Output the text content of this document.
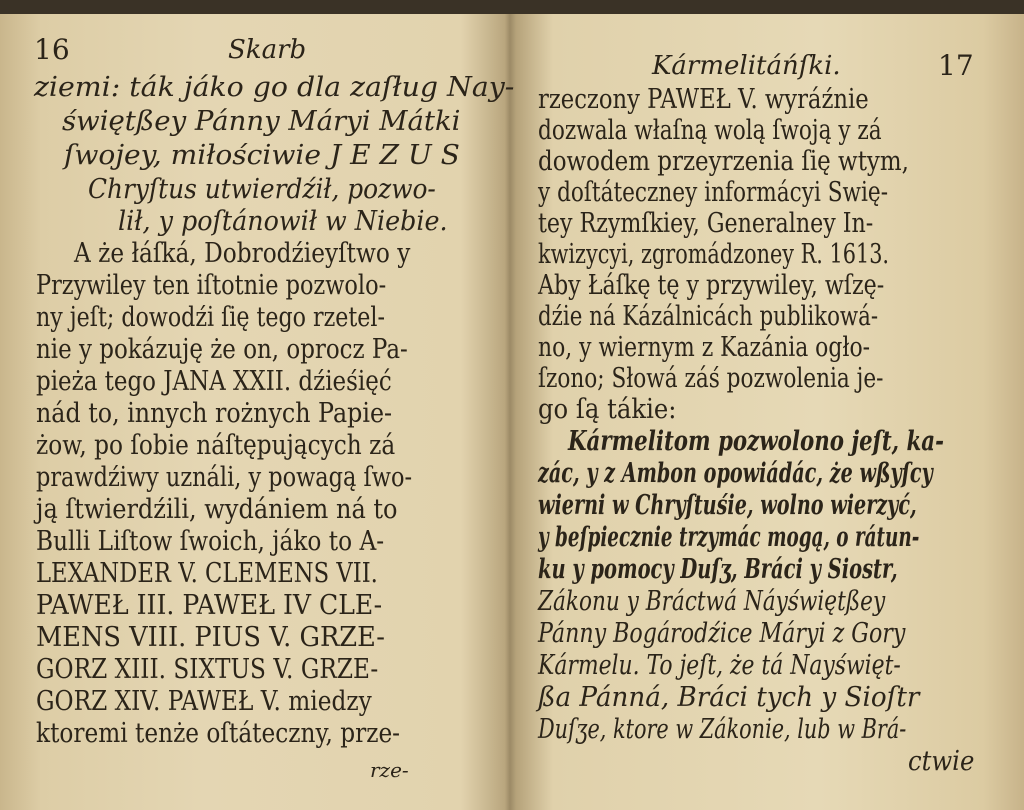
16	Skarb
ziemi: ták jáko go dla zaſług Nay-
świętßey Pánny Máryi Mátki
ſwojey, miłościwie J E Z U S
Chryſtus utwierdźił, pozwo-
lił, y poſtánowił w Niebie.
A że łáſká, Dobrodźieyſtwo y
Przywiley ten iſtotnie pozwolo-
ny jeſt; dowodźi ſię tego rzetel-
nie y pokázuję że on, oprocz Pa-
pieża tego JANA XXII. dźieśięć
nád to, innych rożnych Papie-
żow, po ſobie náſtępujących zá
prawdźiwy uználi, y powagą ſwo-
ją ſtwierdźili, wydániem ná to
Bulli Liſtow ſwoich, jáko to A-
LEXANDER V. CLEMENS VII.
PAWEŁ III. PAWEŁ IV CLE-
MENS VIII. PIUS V. GRZE-
GORZ XIII. SIXTUS V. GRZE-
GORZ XIV. PAWEŁ V. miedzy
ktoremi tenże oſtáteczny, prze-
rze-
Kármelitáńſki.	17
rzeczony PAWEŁ V. wyráźnie
dozwala właſną wolą ſwoją y zá
dowodem przeyrzenia ſię wtym,
y doſtáteczney informácyi Swię-
tey Rzymſkiey, Generalney In-
kwizycyi, zgromádzoney R. 1613.
Aby Łáſkę tę y przywiley, wſzę-
dźie ná Kázálnicách publikowá-
no, y wiernym z Kazánia ogło-
ſzono; Słowá záś pozwolenia je-
go ſą tákie:
Kármelitom pozwolono jeſt, ka-
zác, y z Ambon opowiádác, że wßyſcy
wierni w Chryſtuśie, wolno wierzyć,
y beſpiecznie trzymác mogą, o rátun-
ku y pomocy Duſʒ, Bráci y Siostr,
Zákonu y Bráctwá Náyświętßey
Pánny Bogárodźice Máryi z Gory
Kármelu. To jeſt, że tá Nayświęt-
ßa Pánná, Bráci tych y Sioſtr
Duſʒe, ktore w Zákonie, lub w Brá-
ctwie
